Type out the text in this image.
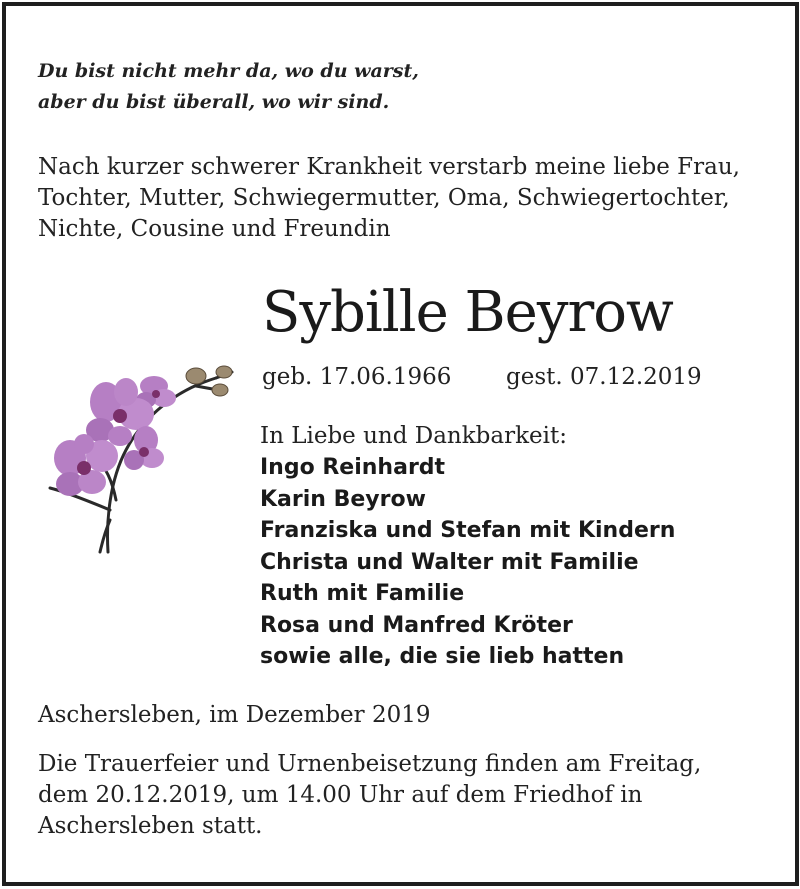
Du bist nicht mehr da, wo du warst,
aber du bist überall, wo wir sind.
Nach kurzer schwerer Krankheit verstarb meine liebe Frau,
Tochter, Mutter, Schwiegermutter, Oma, Schwiegertochter,
Nichte, Cousine und Freundin
Sybille Beyrow
geb. 17.06.1966 gest. 07.12.2019
In Liebe und Dankbarkeit:
Ingo Reinhardt
Karin Beyrow
Franziska und Stefan mit Kindern
Christa und Walter mit Familie
Ruth mit Familie
Rosa und Manfred Kröter
sowie alle, die sie lieb hatten
Aschersleben, im Dezember 2019
Die Trauerfeier und Urnenbeisetzung finden am Freitag,
dem 20.12.2019, um 14.00 Uhr auf dem Friedhof in
Aschersleben statt.
